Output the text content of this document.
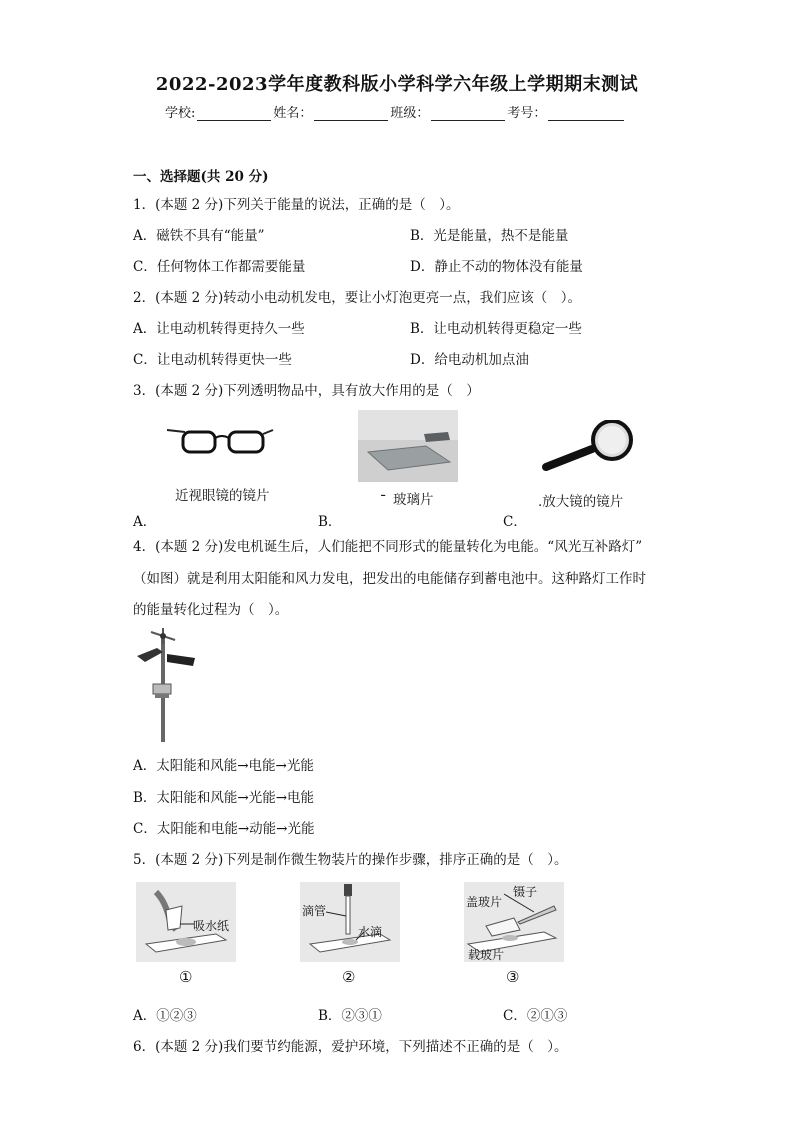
2022-2023学年度教科版小学科学六年级上学期期末测试
学校:	姓名：	班级：	考号：
一、选择题(共 20 分)
1．(本题 2 分)下列关于能量的说法，正确的是（　）。
A．磁铁不具有“能量”	B．光是能量，热不是能量
C．任何物体工作都需要能量	D．静止不动的物体没有能量
2．(本题 2 分)转动小电动机发电，要让小灯泡更亮一点，我们应该（　）。
A．让电动机转得更持久一些	B．让电动机转得更稳定一些
C．让电动机转得更快一些	D．给电动机加点油
3．(本题 2 分)下列透明物品中，具有放大作用的是（　）
近视眼镜的镜片	╶ 玻璃片	.放大镜的镜片
A．	B．	C．
4．(本题 2 分)发电机诞生后，人们能把不同形式的能量转化为电能。“风光互补路灯”
（如图）就是利用太阳能和风力发电，把发出的电能储存到蓄电池中。这种路灯工作时
的能量转化过程为（　）。
A．太阳能和风能→电能→光能
B．太阳能和风能→光能→电能
C．太阳能和电能→动能→光能
5．(本题 2 分)下列是制作微生物装片的操作步骤，排序正确的是（　）。
吸水纸
滴管
水滴
镊子
盖玻片
载玻片
①	②	③
A．①②③	B．②③①	C．②①③
6．(本题 2 分)我们要节约能源，爱护环境，下列描述不正确的是（　）。
